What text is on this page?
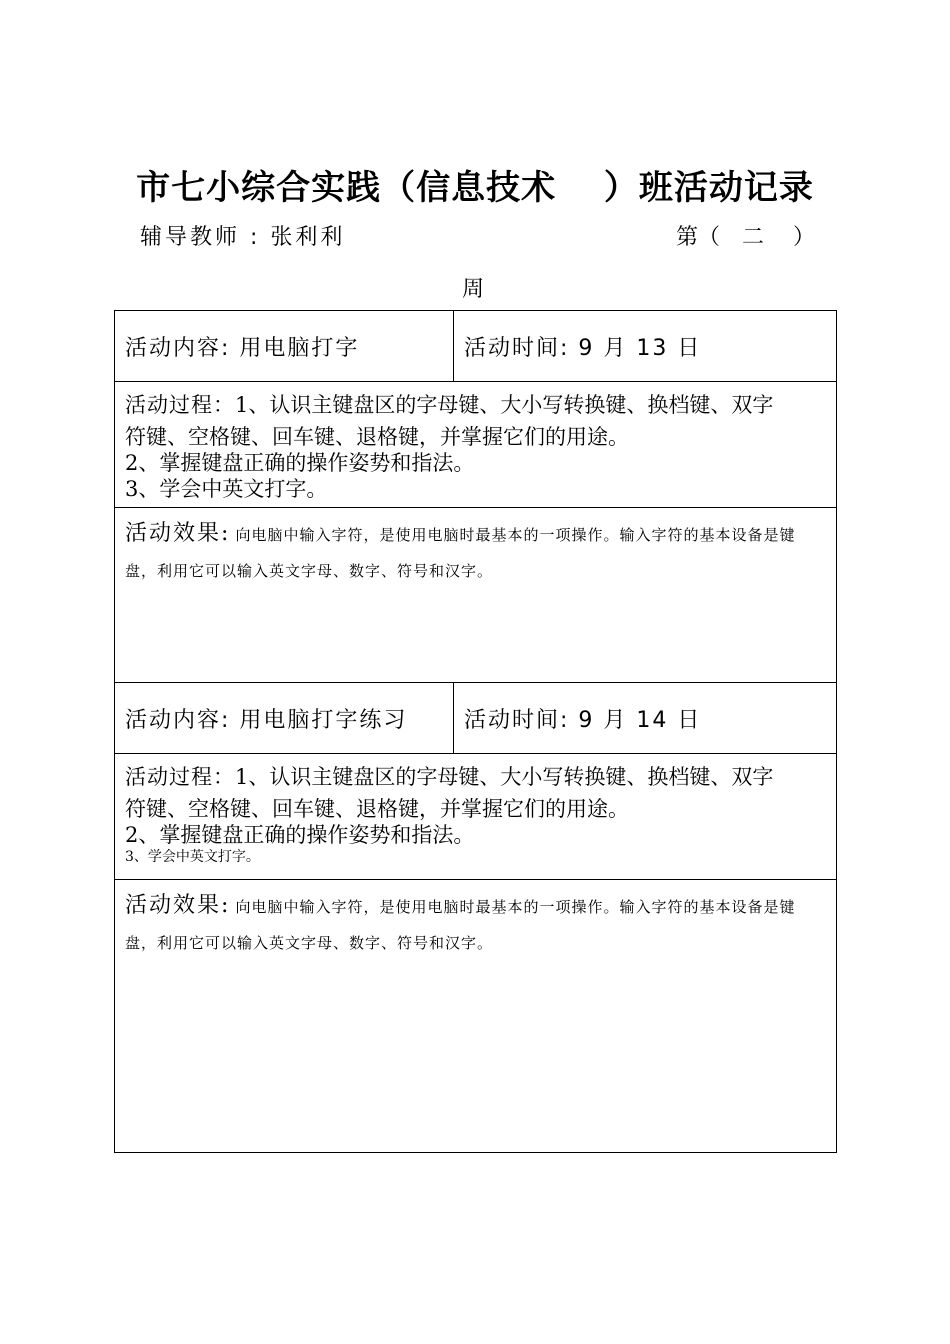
市七小综合实践（信息技术　 ）班活动记录
辅导教师 : 张利利	第（　二　 ）
周
活动内容: 用电脑打字	活动时间: 9 月 13 日

活动过程：1、认识主键盘区的字母键、大小写转换键、换档键、双字
符键、空格键、回车键、退格键，并掌握它们的用途。
2、掌握键盘正确的操作姿势和指法。
3、学会中英文打字。

活动效果: 向电脑中输入字符，是使用电脑时最基本的一项操作。输入字符的基本设备是键盘，利用它可以输入英文字母、数字、符号和汉字。
活动内容: 用电脑打字练习	活动时间: 9 月 14 日

活动过程：1、认识主键盘区的字母键、大小写转换键、换档键、双字
符键、空格键、回车键、退格键，并掌握它们的用途。
2、掌握键盘正确的操作姿势和指法。
3、学会中英文打字。

活动效果: 向电脑中输入字符，是使用电脑时最基本的一项操作。输入字符的基本设备是键盘，利用它可以输入英文字母、数字、符号和汉字。
